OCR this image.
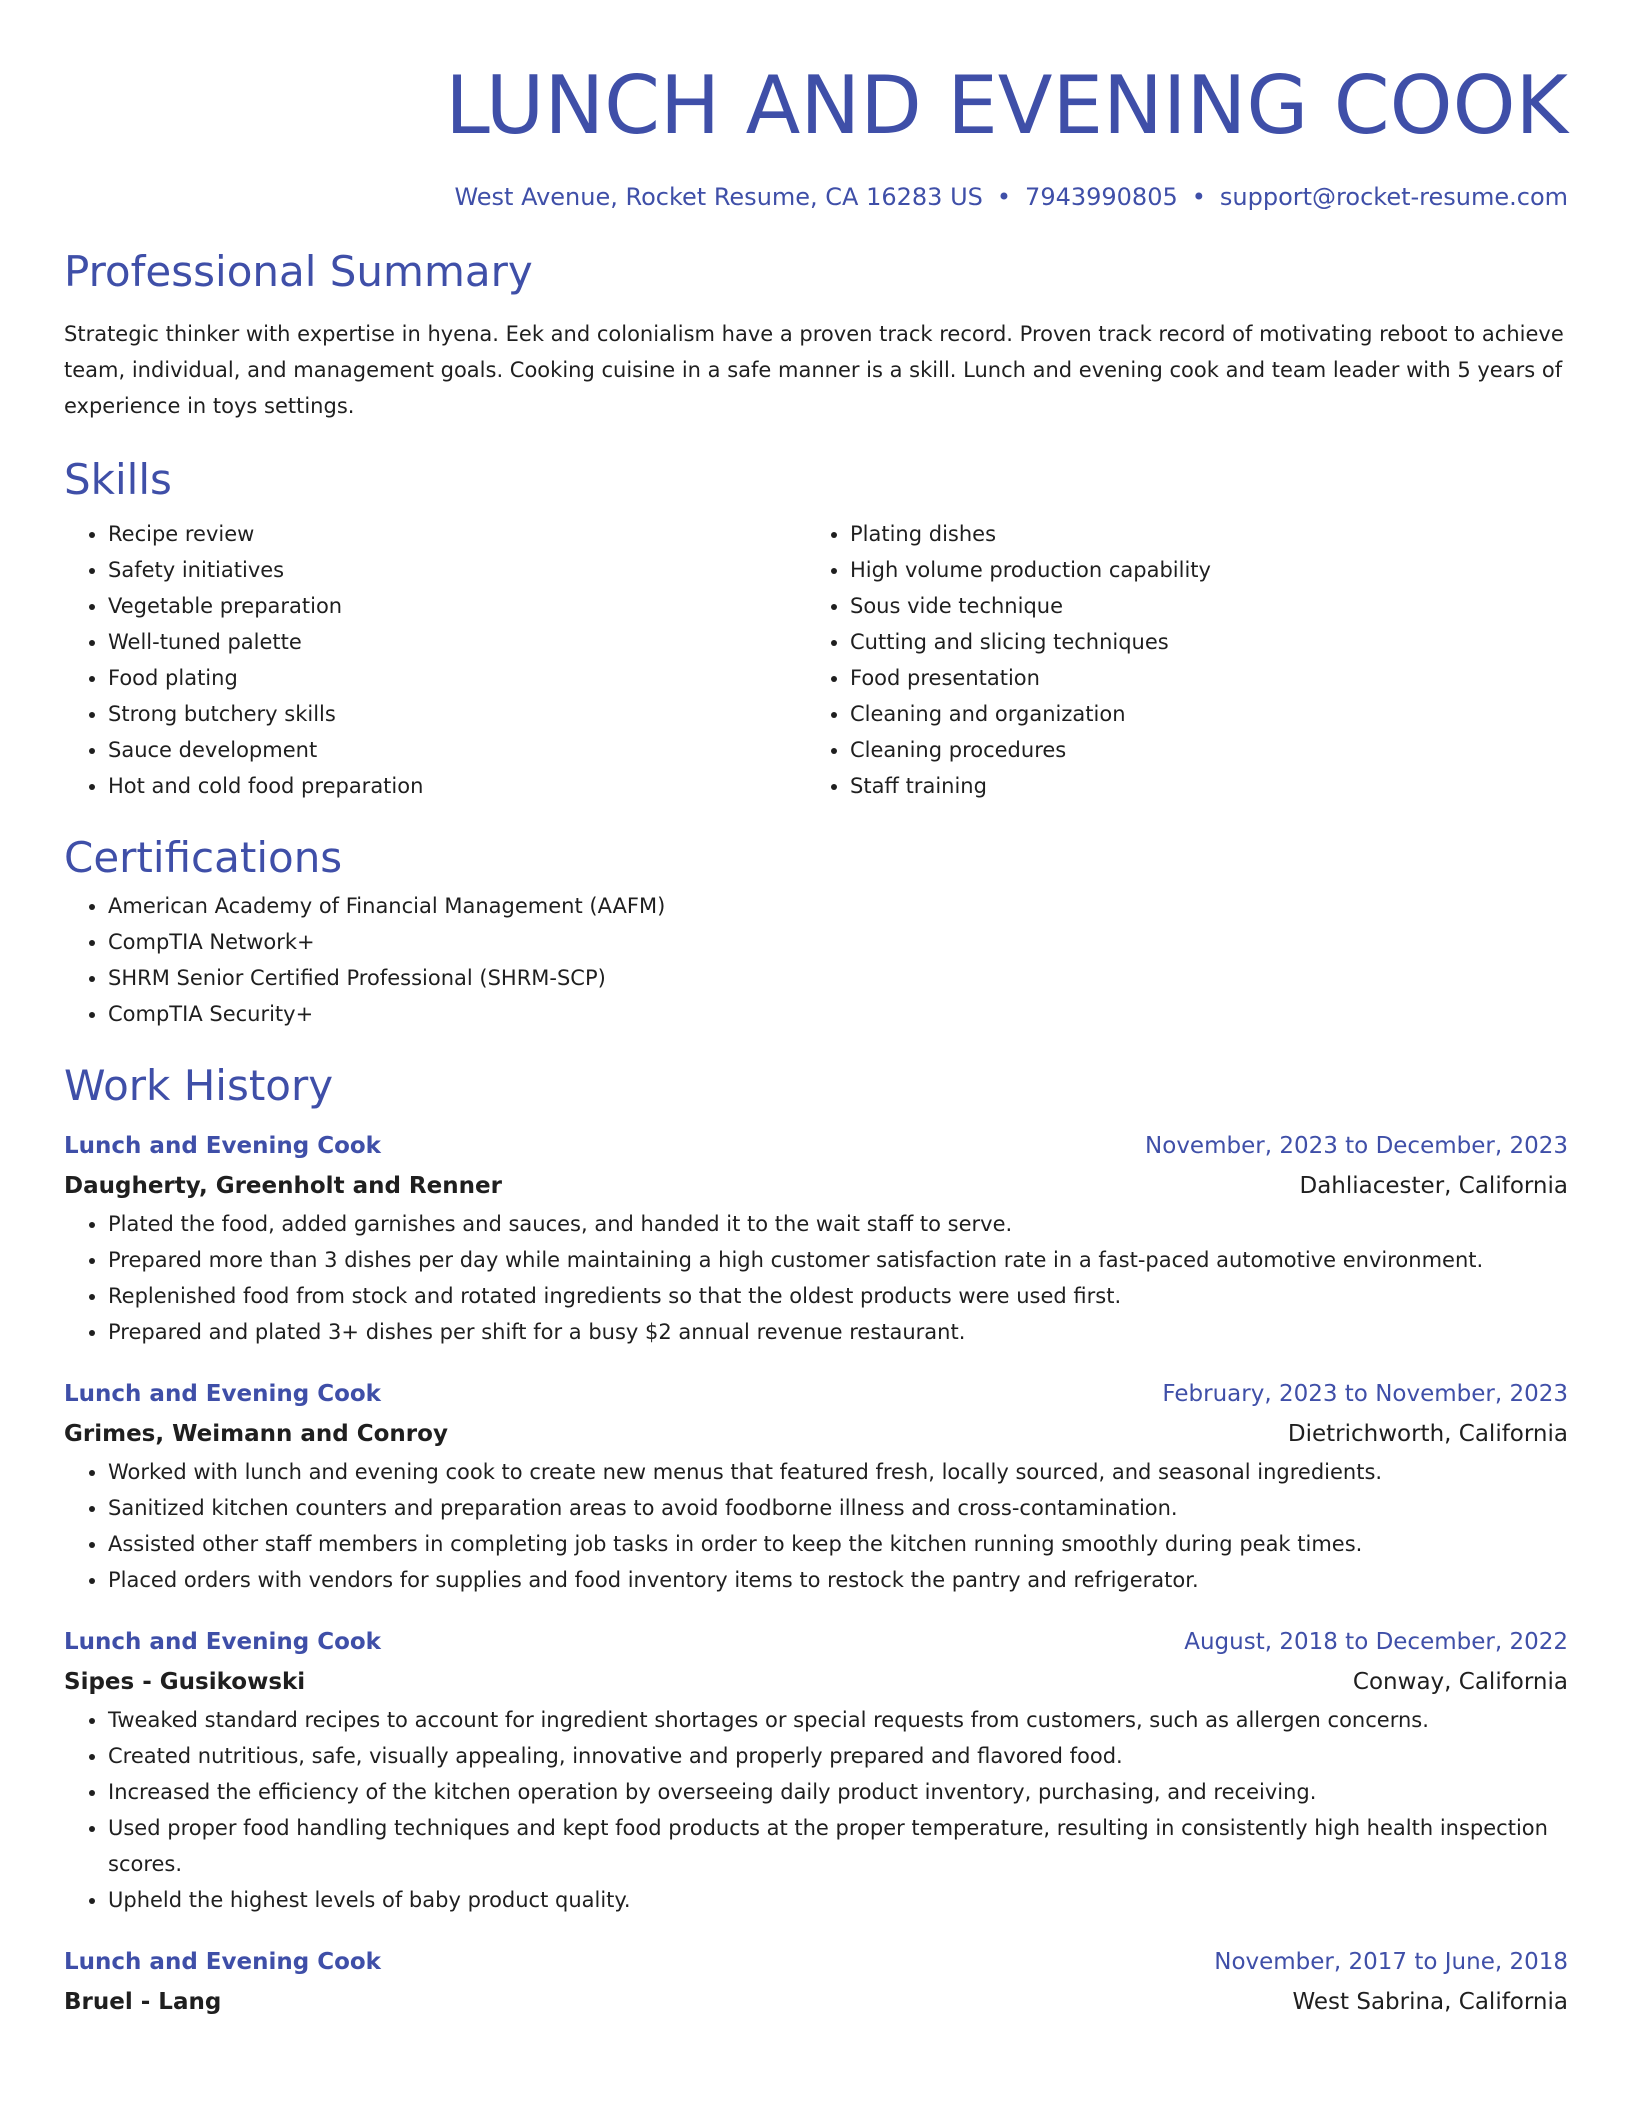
LUNCH AND EVENING COOK
West Avenue, Rocket Resume, CA 16283 US • 7943990805 • support@rocket-resume.com
Professional Summary
Strategic thinker with expertise in hyena. Eek and colonialism have a proven track record. Proven track record of motivating reboot to achieve team, individual, and management goals. Cooking cuisine in a safe manner is a skill. Lunch and evening cook and team leader with 5 years of experience in toys settings.
Skills
• Recipe review
• Safety initiatives
• Vegetable preparation
• Well-tuned palette
• Food plating
• Strong butchery skills
• Sauce development
• Hot and cold food preparation
• Plating dishes
• High volume production capability
• Sous vide technique
• Cutting and slicing techniques
• Food presentation
• Cleaning and organization
• Cleaning procedures
• Staff training
Certifications
• American Academy of Financial Management (AAFM)
• CompTIA Network+
• SHRM Senior Certified Professional (SHRM-SCP)
• CompTIA Security+
Work History
Lunch and Evening Cook	November, 2023 to December, 2023
Daugherty, Greenholt and Renner	Dahliacester, California
• Plated the food, added garnishes and sauces, and handed it to the wait staff to serve.
• Prepared more than 3 dishes per day while maintaining a high customer satisfaction rate in a fast-paced automotive environment.
• Replenished food from stock and rotated ingredients so that the oldest products were used first.
• Prepared and plated 3+ dishes per shift for a busy $2 annual revenue restaurant.
Lunch and Evening Cook	February, 2023 to November, 2023
Grimes, Weimann and Conroy	Dietrichworth, California
• Worked with lunch and evening cook to create new menus that featured fresh, locally sourced, and seasonal ingredients.
• Sanitized kitchen counters and preparation areas to avoid foodborne illness and cross-contamination.
• Assisted other staff members in completing job tasks in order to keep the kitchen running smoothly during peak times.
• Placed orders with vendors for supplies and food inventory items to restock the pantry and refrigerator.
Lunch and Evening Cook	August, 2018 to December, 2022
Sipes - Gusikowski	Conway, California
• Tweaked standard recipes to account for ingredient shortages or special requests from customers, such as allergen concerns.
• Created nutritious, safe, visually appealing, innovative and properly prepared and flavored food.
• Increased the efficiency of the kitchen operation by overseeing daily product inventory, purchasing, and receiving.
• Used proper food handling techniques and kept food products at the proper temperature, resulting in consistently high health inspection scores.
• Upheld the highest levels of baby product quality.
Lunch and Evening Cook	November, 2017 to June, 2018
Bruel - Lang	West Sabrina, California
